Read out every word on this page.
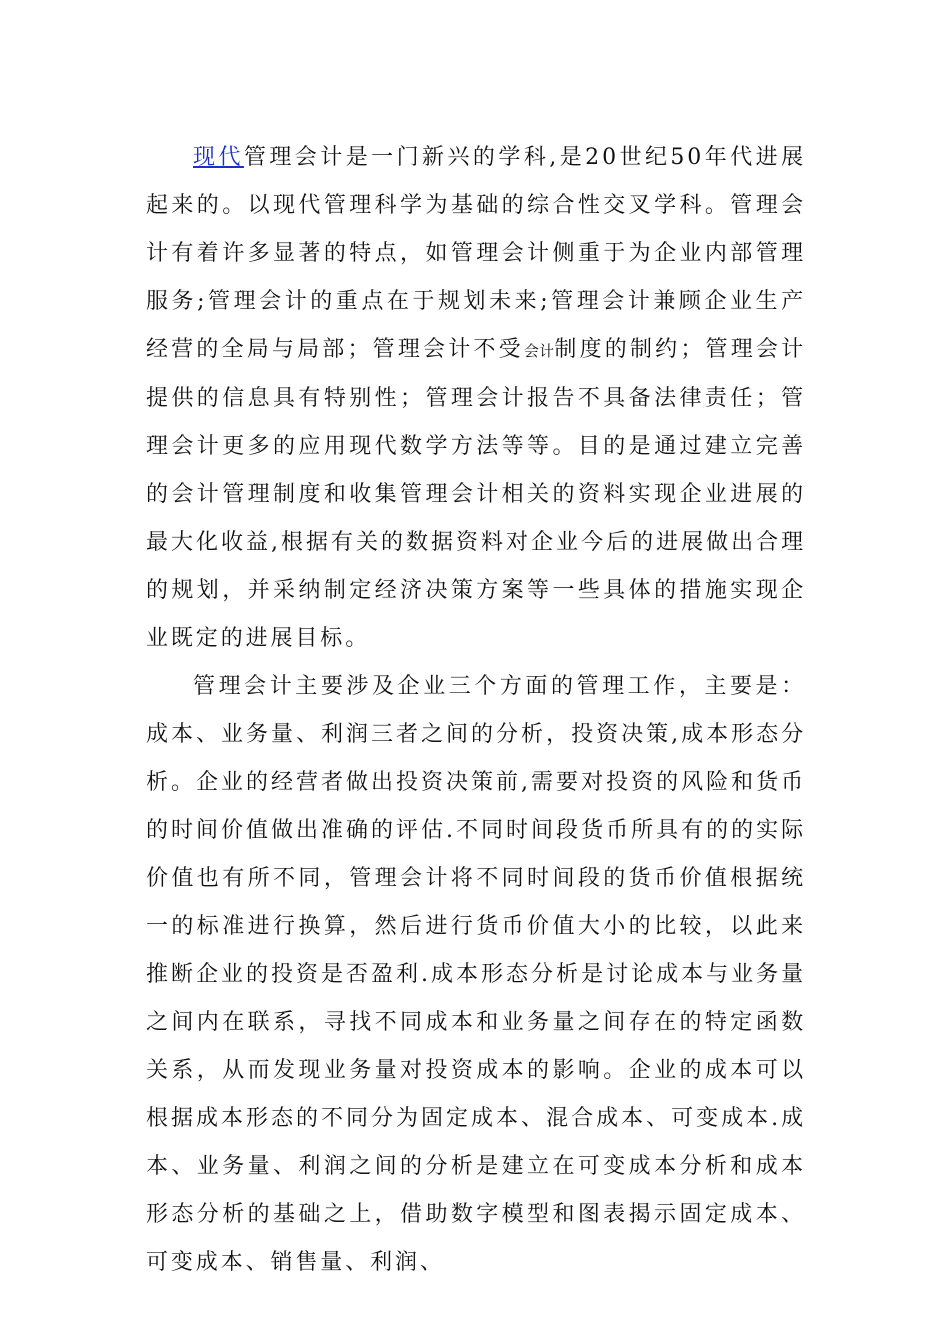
现代管理会计是一门新兴的学科,是20世纪50年代进展起来的。以现代管理科学为基础的综合性交叉学科。管理会计有着许多显著的特点，如管理会计侧重于为企业内部管理服务;管理会计的重点在于规划未来;管理会计兼顾企业生产经营的全局与局部；管理会计不受会计制度的制约；管理会计提供的信息具有特别性；管理会计报告不具备法律责任；管理会计更多的应用现代数学方法等等。目的是通过建立完善的会计管理制度和收集管理会计相关的资料实现企业进展的最大化收益,根据有关的数据资料对企业今后的进展做出合理的规划，并采纳制定经济决策方案等一些具体的措施实现企业既定的进展目标。

管理会计主要涉及企业三个方面的管理工作，主要是：成本、业务量、利润三者之间的分析，投资决策,成本形态分析。企业的经营者做出投资决策前,需要对投资的风险和货币的时间价值做出准确的评估.不同时间段货币所具有的的实际价值也有所不同，管理会计将不同时间段的货币价值根据统一的标准进行换算，然后进行货币价值大小的比较，以此来推断企业的投资是否盈利.成本形态分析是讨论成本与业务量之间内在联系，寻找不同成本和业务量之间存在的特定函数关系，从而发现业务量对投资成本的影响。企业的成本可以根据成本形态的不同分为固定成本、混合成本、可变成本.成本、业务量、利润之间的分析是建立在可变成本分析和成本形态分析的基础之上，借助数字模型和图表揭示固定成本、可变成本、销售量、利润、
